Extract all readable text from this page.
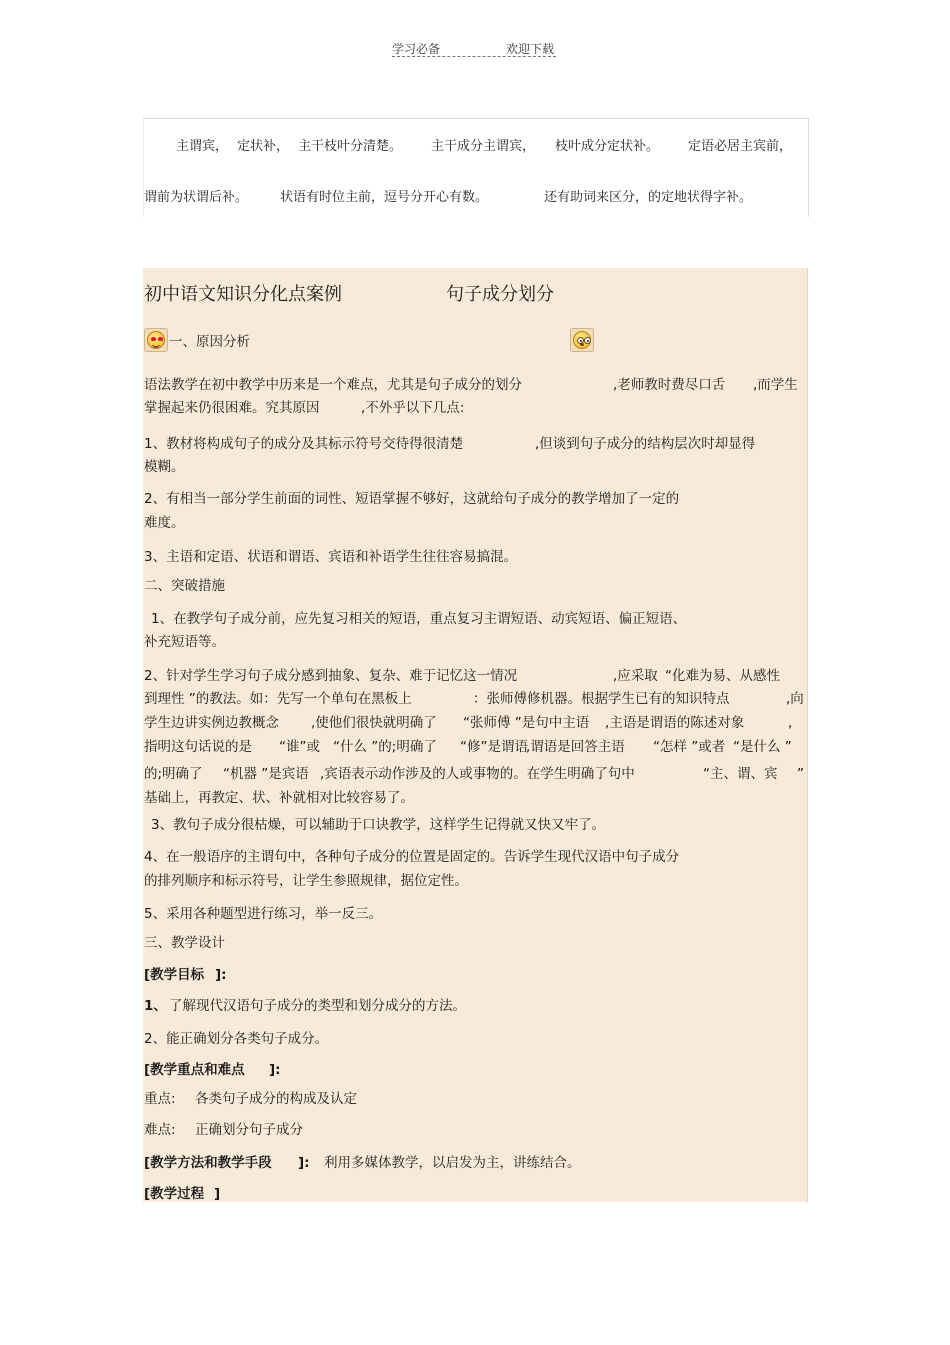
学习必备	欢迎下载
主谓宾， 定状补， 主干枝叶分清楚。 主干成分主谓宾， 枝叶成分定状补。 定语必居主宾前，
谓前为状谓后补。 状语有时位主前，逗号分开心有数。	还有助词来区分，的定地状得字补。
初中语文知识分化点案例	句子成分划分
一、原因分析
语法教学在初中教学中历来是一个难点，尤其是句子成分的划分	,老师教时费尽口舌 ,而学生
掌握起来仍很困难。究其原因	,不外乎以下几点:
1、教材将构成句子的成分及其标示符号交待得很清楚	,但谈到句子成分的结构层次时却显得
模糊。
2、有相当一部分学生前面的词性、短语掌握不够好，这就给句子成分的教学增加了一定的
难度。
3、主语和定语、状语和谓语、宾语和补语学生往往容易搞混。
二、突破措施
1、在教学句子成分前，应先复习相关的短语，重点复习主谓短语、动宾短语、偏正短语、
补充短语等。
2、针对学生学习句子成分感到抽象、复杂、难于记忆这一情况	,应采取 “化难为易、从感性
到理性 ”的教法。如：先写一个单句在黑板上	：张师傅修机器。根据学生已有的知识特点	,向
学生边讲实例边教概念 ,使他们很快就明确了 “张师傅 ”是句中主语 ,主语是谓语的陈述对象	,
指明这句话说的是 “谁”或 “什么 ”的;明确了 “修”是谓语
,谓语是回答主语 “怎样 ”或者 “是什么 ”
的;明确了 “机器 ”是宾语 ,宾语表示动作涉及的人或事物的。在学生明确了句中	“主、谓、宾 ”
基础上，再教定、状、补就相对比较容易了。
3、教句子成分很枯燥，可以辅助于口诀教学，这样学生记得就又快又牢了。
4、在一般语序的主谓句中，各种句子成分的位置是固定的。告诉学生现代汉语中句子成分
的排列顺序和标示符号，让学生参照规律，据位定性。
5、采用各种题型进行练习，举一反三。
三、教学设计
[教学目标 ]:
1、 了解现代汉语句子成分的类型和划分成分的方法。
2、能正确划分各类句子成分。
[教学重点和难点 ]:
重点: 各类句子成分的构成及认定
难点: 正确划分句子成分
[教学方法和教学手段 ]: 利用多媒体教学，以启发为主，讲练结合。
[教学过程 ]
